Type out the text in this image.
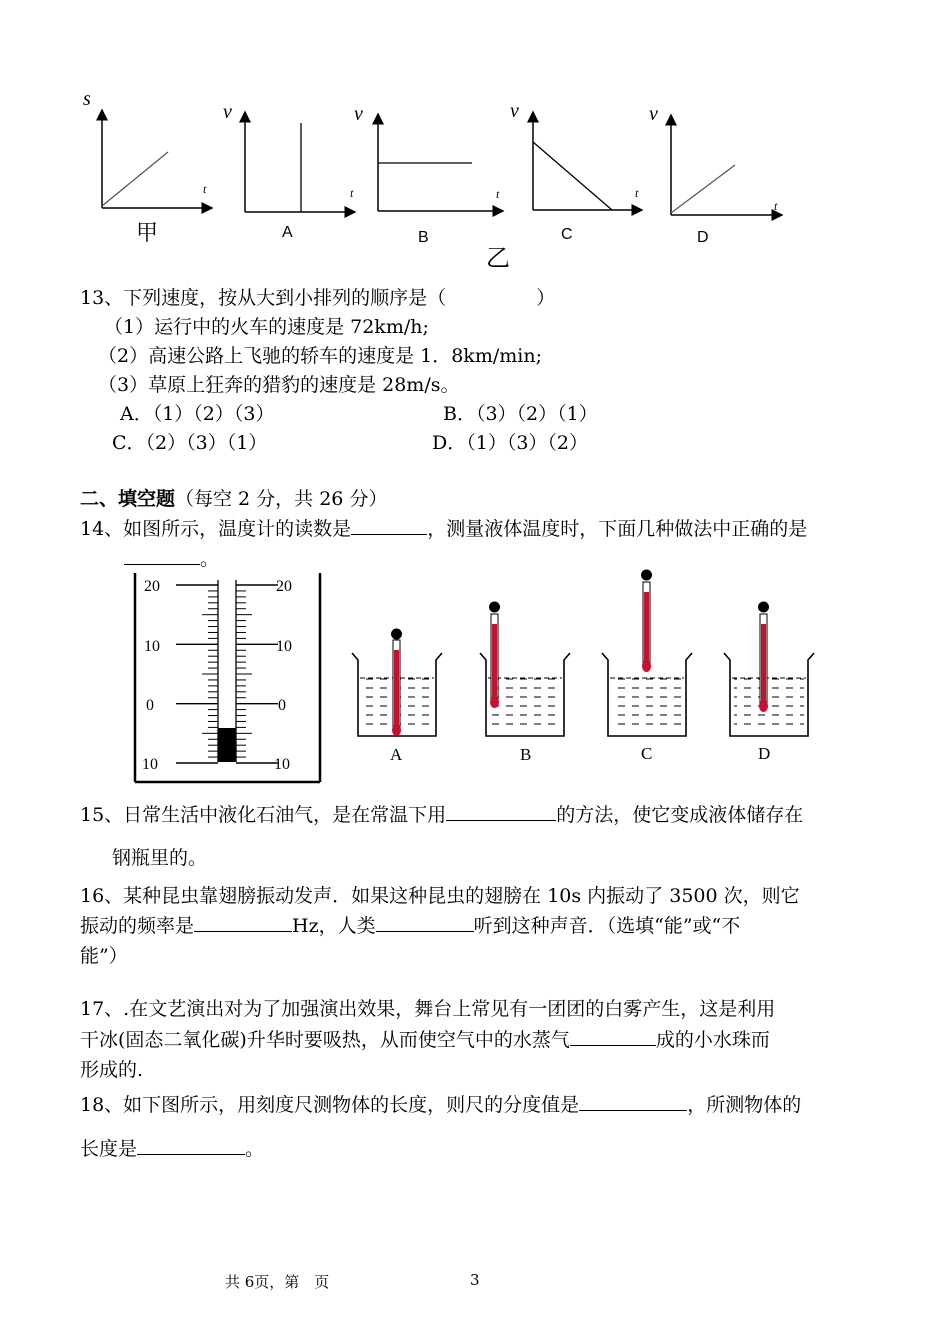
s
t
甲
v
t
A
v
t
B
v
t
C
v
t
D
乙
13、下列速度，按从大到小排列的顺序是（	）
（1）运行中的火车的速度是 72km/h;
（2）高速公路上飞驰的轿车的速度是 1．8km/min;
（3）草原上狂奔的猎豹的速度是 28m/s。
A．（1）（2）（3）	B．（3）（2）（1）
C．（2）（3）（1）	D．（1）（3）（2）
二、填空题（每空 2 分，共 26 分）
14、如图所示，温度计的读数是	，测量液体温度时，下面几种做法中正确的是
。
20
10
0
10
20
10
0
10
A	B	C	D
15、日常生活中液化石油气，是在常温下用	的方法，使它变成液体储存在
钢瓶里的。
16、某种昆虫靠翅膀振动发声．如果这种昆虫的翅膀在 10s 内振动了 3500 次，则它
振动的频率是	Hz，人类	听到这种声音．（选填“能”或“不
能”）
17、.在文艺演出对为了加强演出效果，舞台上常见有一团团的白雾产生，这是利用
干冰(固态二氧化碳)升华时要吸热，从而使空气中的水蒸气	成的小水珠而
形成的.
18、如下图所示，用刻度尺测物体的长度，则尺的分度值是	，所测物体的
长度是	。
共 6页，第　页	3
